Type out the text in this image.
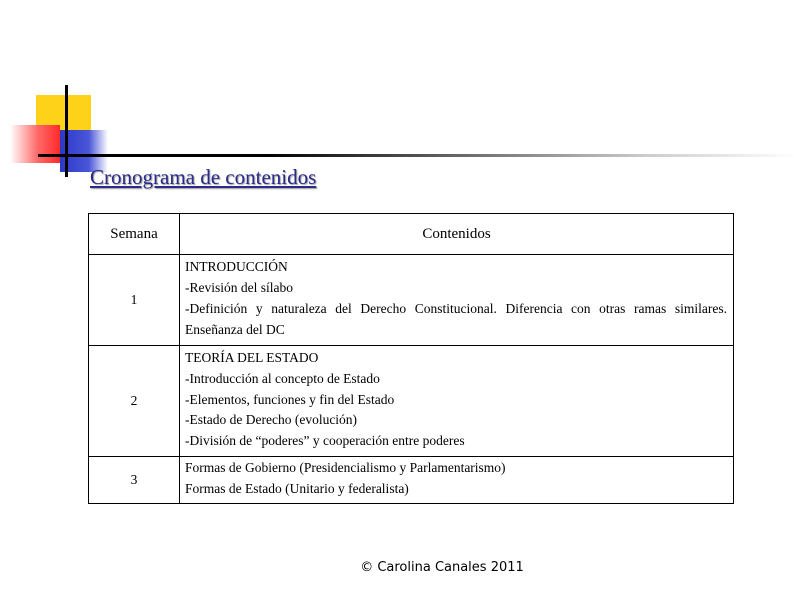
Cronograma de contenidos
Semana	Contenidos
1	INTRODUCCIÓN
-Revisión del sílabo
-Definición y naturaleza del Derecho Constitucional. Diferencia con otras ramas similares. Enseñanza del DC

2	TEORÍA DEL ESTADO
-Introducción al concepto de Estado
-Elementos, funciones y fin del Estado
-Estado de Derecho (evolución)
-División de “poderes” y cooperación entre poderes

3	Formas de Gobierno (Presidencialismo y Parlamentarismo)
Formas de Estado (Unitario y federalista)
© Carolina Canales 2011
